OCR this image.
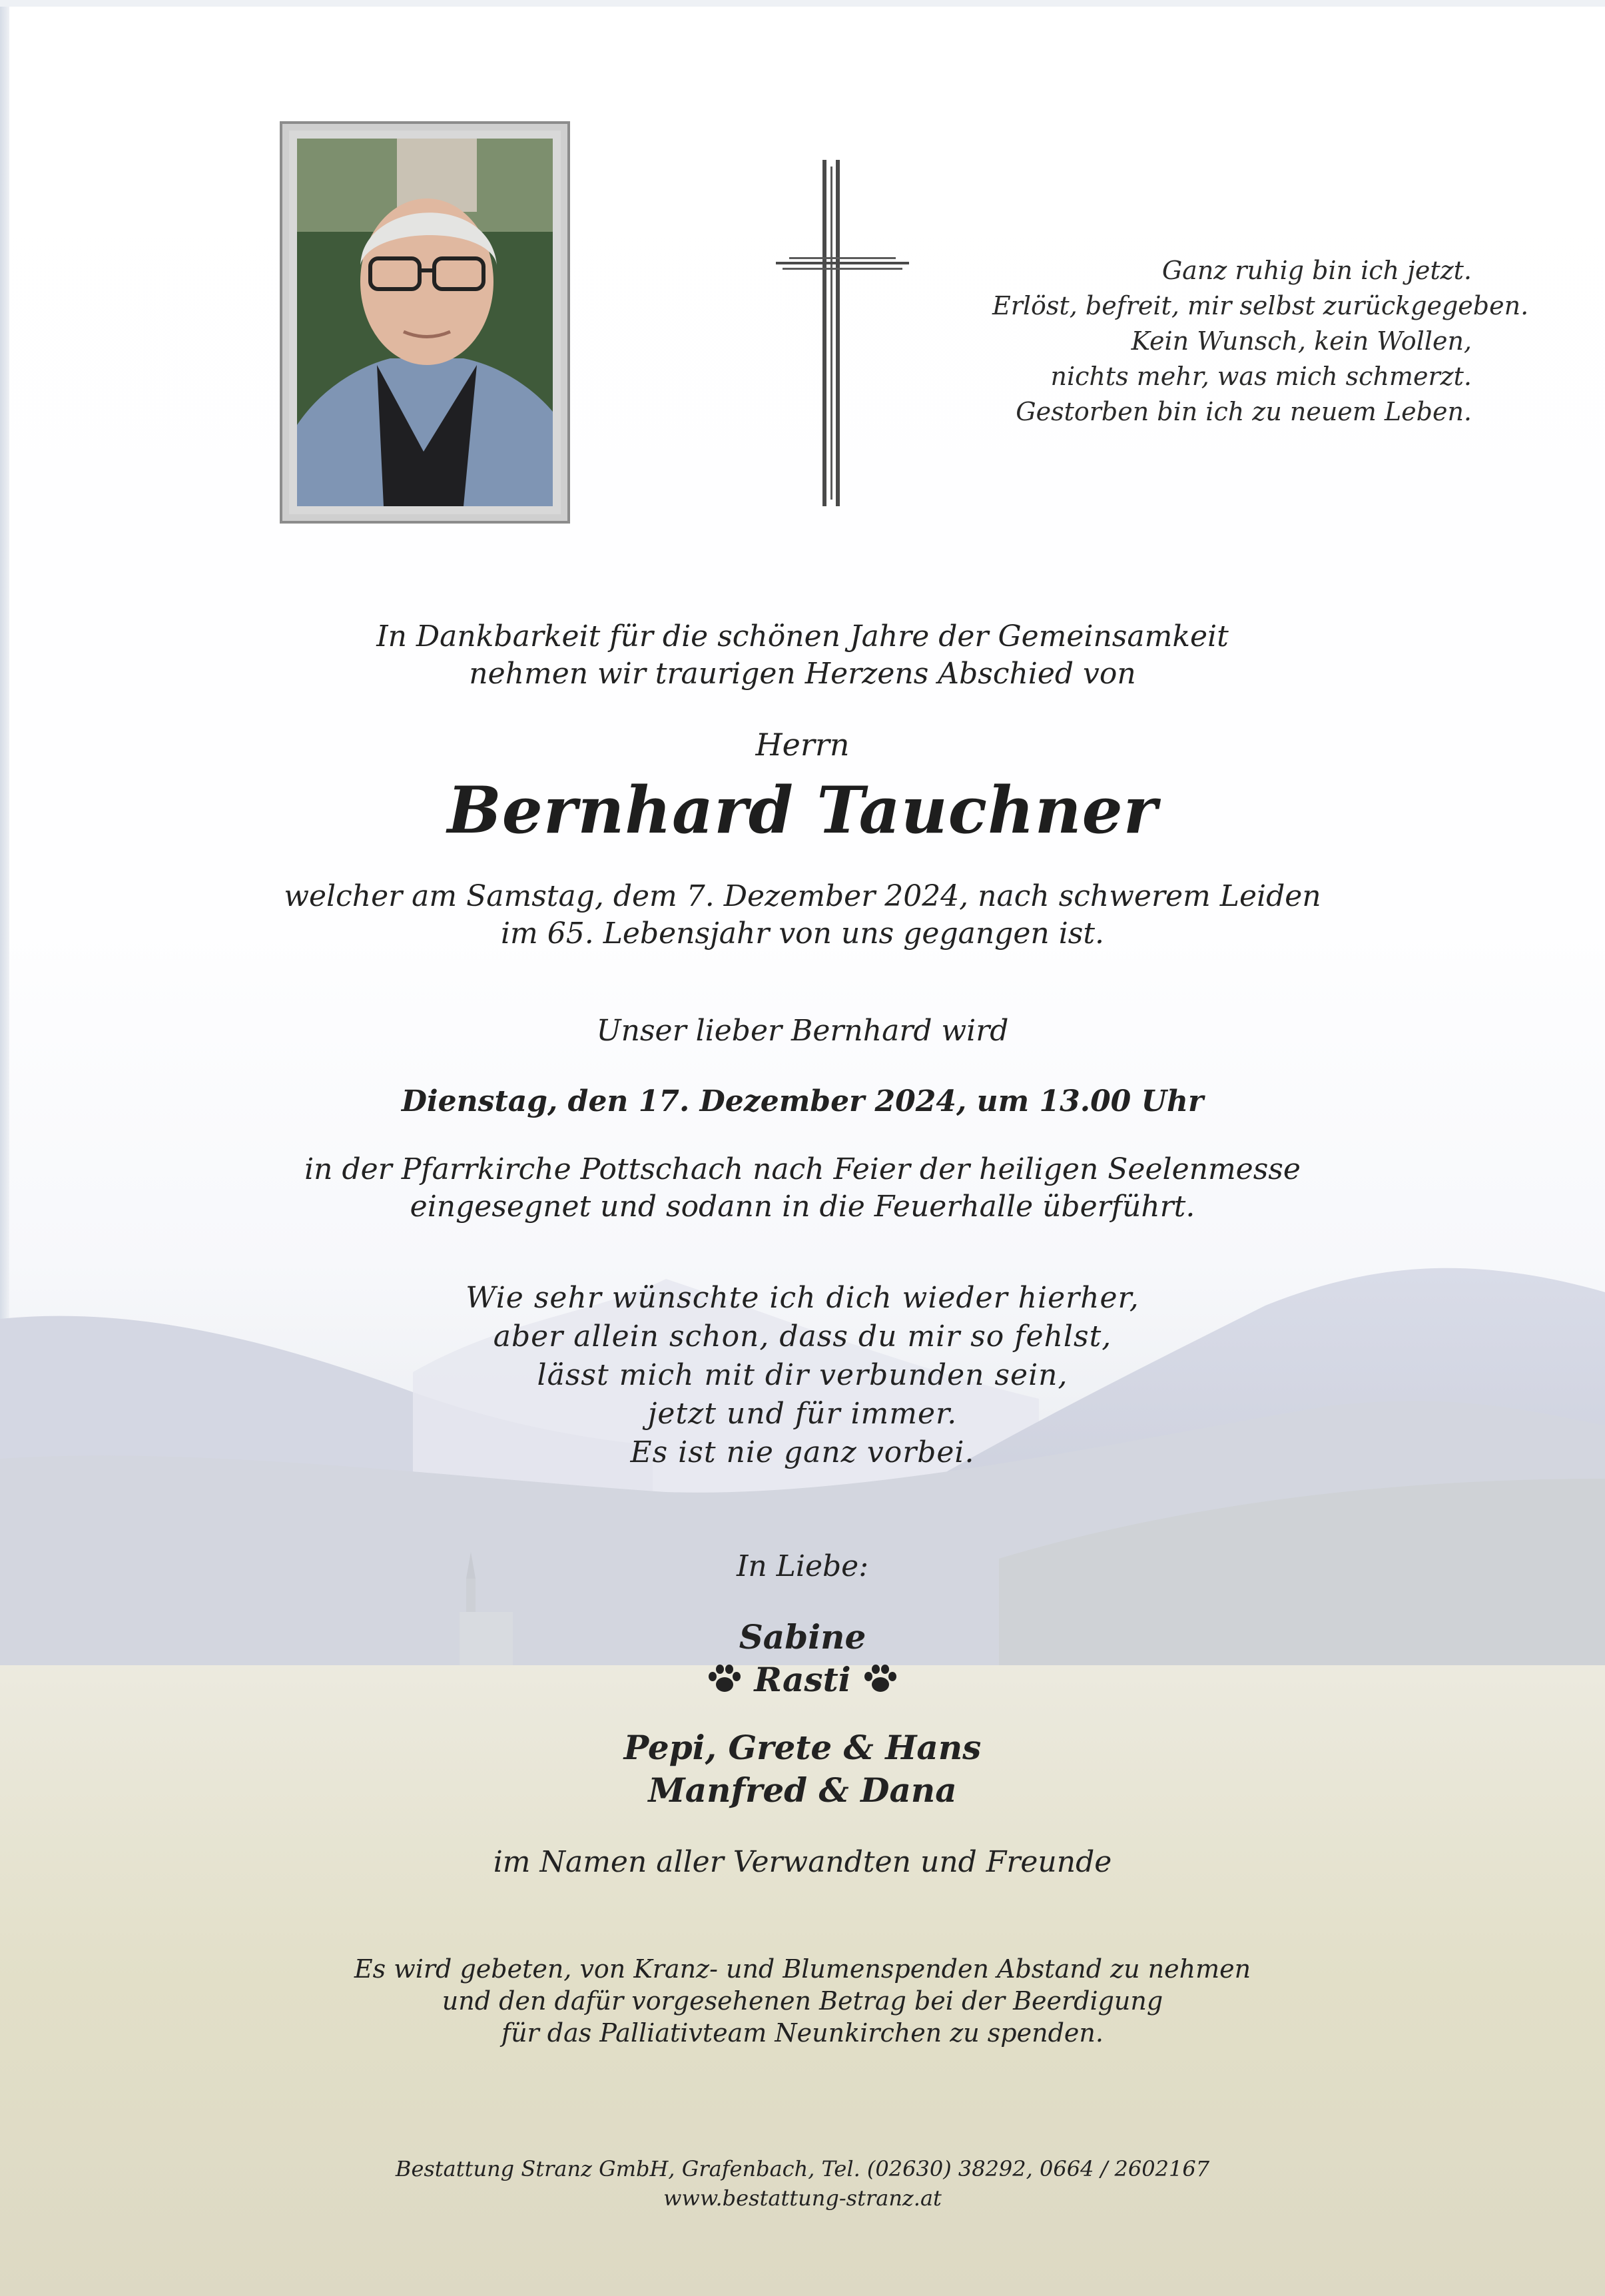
Ganz ruhig bin ich jetzt.
Erlöst, befreit, mir selbst zurückgegeben.
Kein Wunsch, kein Wollen,
nichts mehr, was mich schmerzt.
Gestorben bin ich zu neuem Leben.
In Dankbarkeit für die schönen Jahre der Gemeinsamkeit
nehmen wir traurigen Herzens Abschied von
Herrn
Bernhard Tauchner
welcher am Samstag, dem 7. Dezember 2024, nach schwerem Leiden
im 65. Lebensjahr von uns gegangen ist.
Unser lieber Bernhard wird
Dienstag, den 17. Dezember 2024, um 13.00 Uhr
in der Pfarrkirche Pottschach nach Feier der heiligen Seelenmesse
eingesegnet und sodann in die Feuerhalle überführt.
Wie sehr wünschte ich dich wieder hierher,
aber allein schon, dass du mir so fehlst,
lässt mich mit dir verbunden sein,
jetzt und für immer.
Es ist nie ganz vorbei.
In Liebe:
Sabine
Rasti
Pepi, Grete & Hans
Manfred & Dana
im Namen aller Verwandten und Freunde
Es wird gebeten, von Kranz- und Blumenspenden Abstand zu nehmen
und den dafür vorgesehenen Betrag bei der Beerdigung
für das Palliativteam Neunkirchen zu spenden.
Bestattung Stranz GmbH, Grafenbach, Tel. (02630) 38292, 0664 / 2602167
www.bestattung-stranz.at
